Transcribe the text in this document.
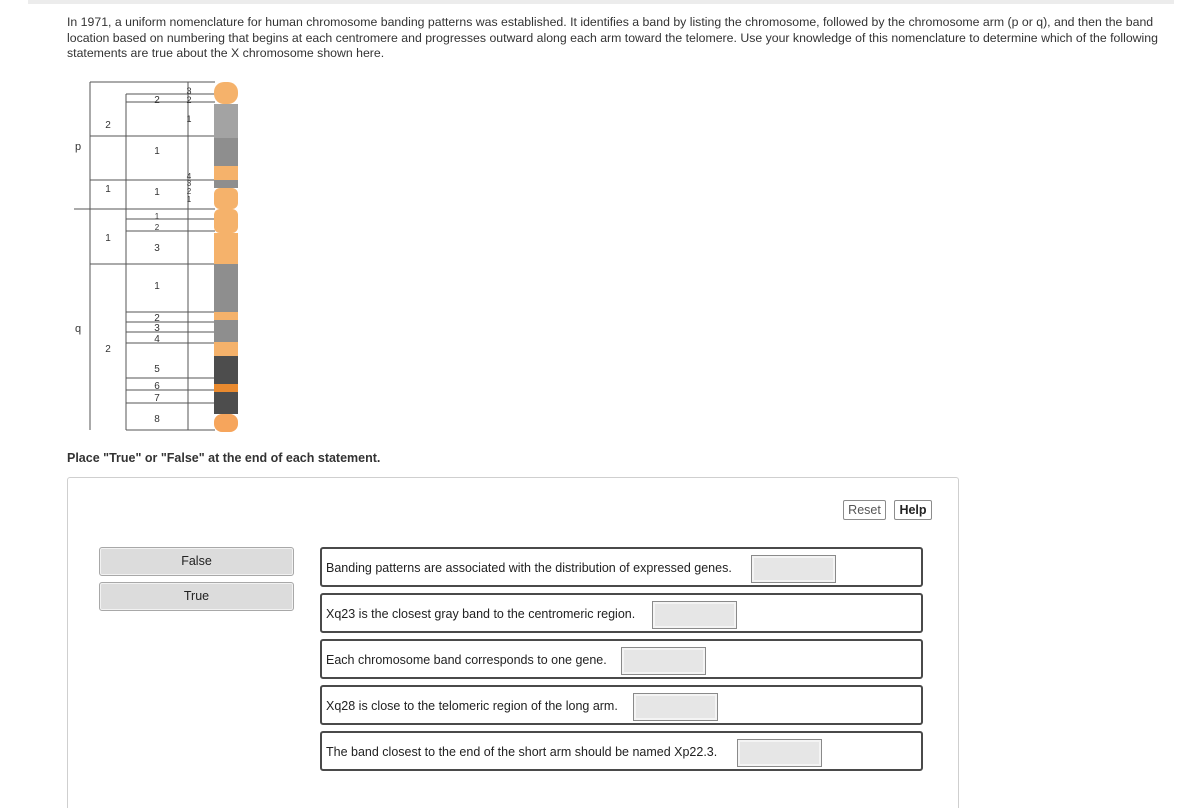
In 1971, a uniform nomenclature for human chromosome banding patterns was established. It identifies a band by listing the chromosome, followed by the chromosome arm (p or q), and then the band location based on numbering that begins at each centromere and progresses outward along each arm toward the telomere. Use your knowledge of this nomenclature to determine which of the following statements are true about the X chromosome shown here.

p
q
2
1
1
2
2
1
1
1
2
3
1
2
3
4
5
6
7
8
3
2
1
4
3
2
1

Place "True" or "False" at the end of each statement.

Reset	Help
False
True
Banding patterns are associated with the distribution of expressed genes.
Xq23 is the closest gray band to the centromeric region.
Each chromosome band corresponds to one gene.
Xq28 is close to the telomeric region of the long arm.
The band closest to the end of the short arm should be named Xp22.3.
